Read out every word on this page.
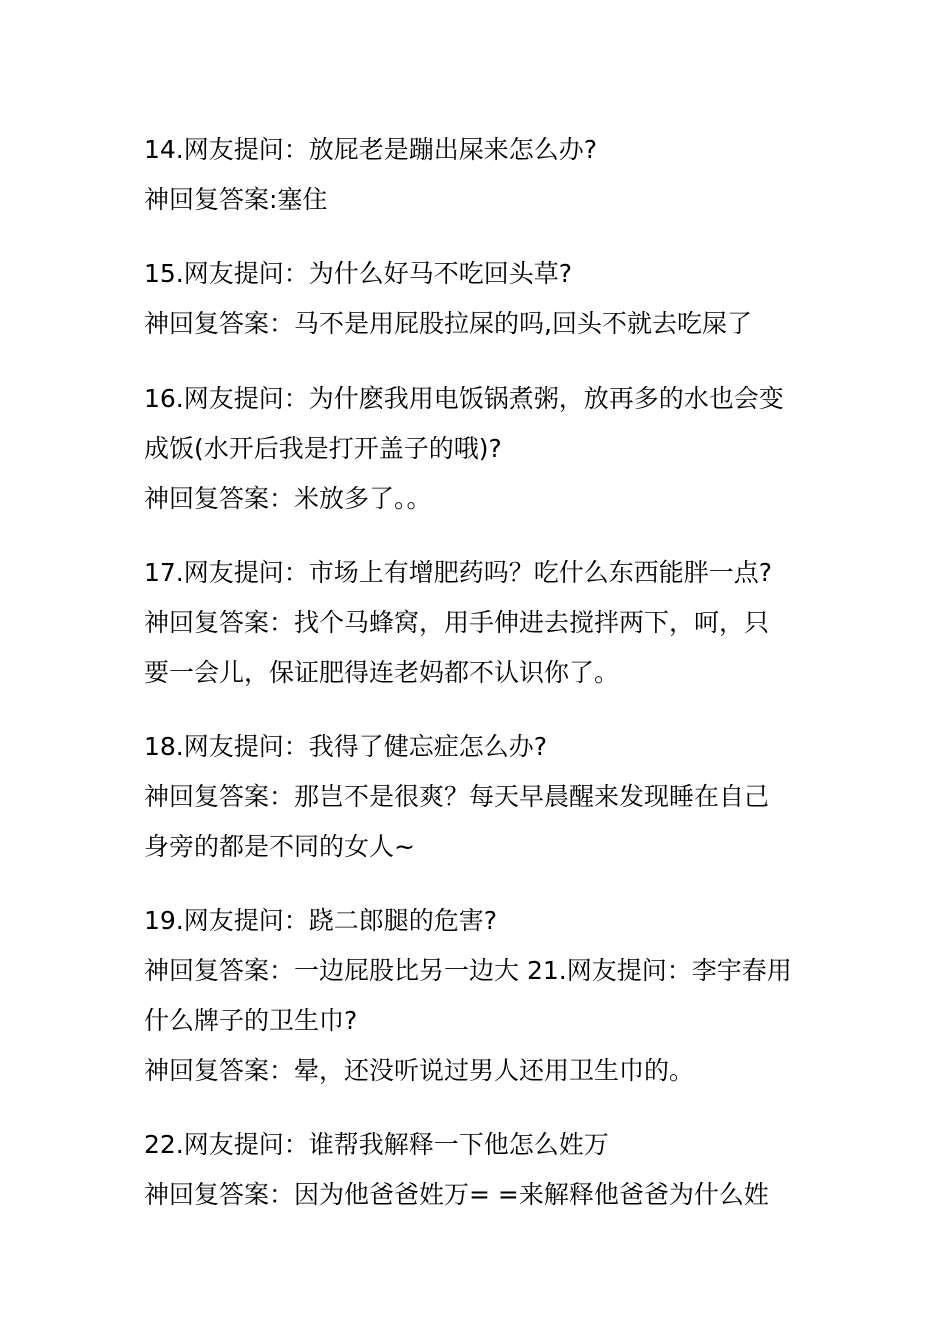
14.网友提问：放屁老是蹦出屎来怎么办?
神回复答案:塞住
15.网友提问：为什么好马不吃回头草?
神回复答案：马不是用屁股拉屎的吗,回头不就去吃屎了
16.网友提问：为什麽我用电饭锅煮粥，放再多的水也会变
成饭(水开后我是打开盖子的哦)?
神回复答案：米放多了。。
17.网友提问：市场上有增肥药吗？吃什么东西能胖一点?
神回复答案：找个马蜂窝，用手伸进去搅拌两下，呵，只
要一会儿，保证肥得连老妈都不认识你了。
18.网友提问：我得了健忘症怎么办?
神回复答案：那岂不是很爽？每天早晨醒来发现睡在自己
身旁的都是不同的女人~
19.网友提问：跷二郎腿的危害?
神回复答案：一边屁股比另一边大 21.网友提问：李宇春用
什么牌子的卫生巾?
神回复答案：晕，还没听说过男人还用卫生巾的。
22.网友提问：谁帮我解释一下他怎么姓万
神回复答案：因为他爸爸姓万= =来解释他爸爸为什么姓
